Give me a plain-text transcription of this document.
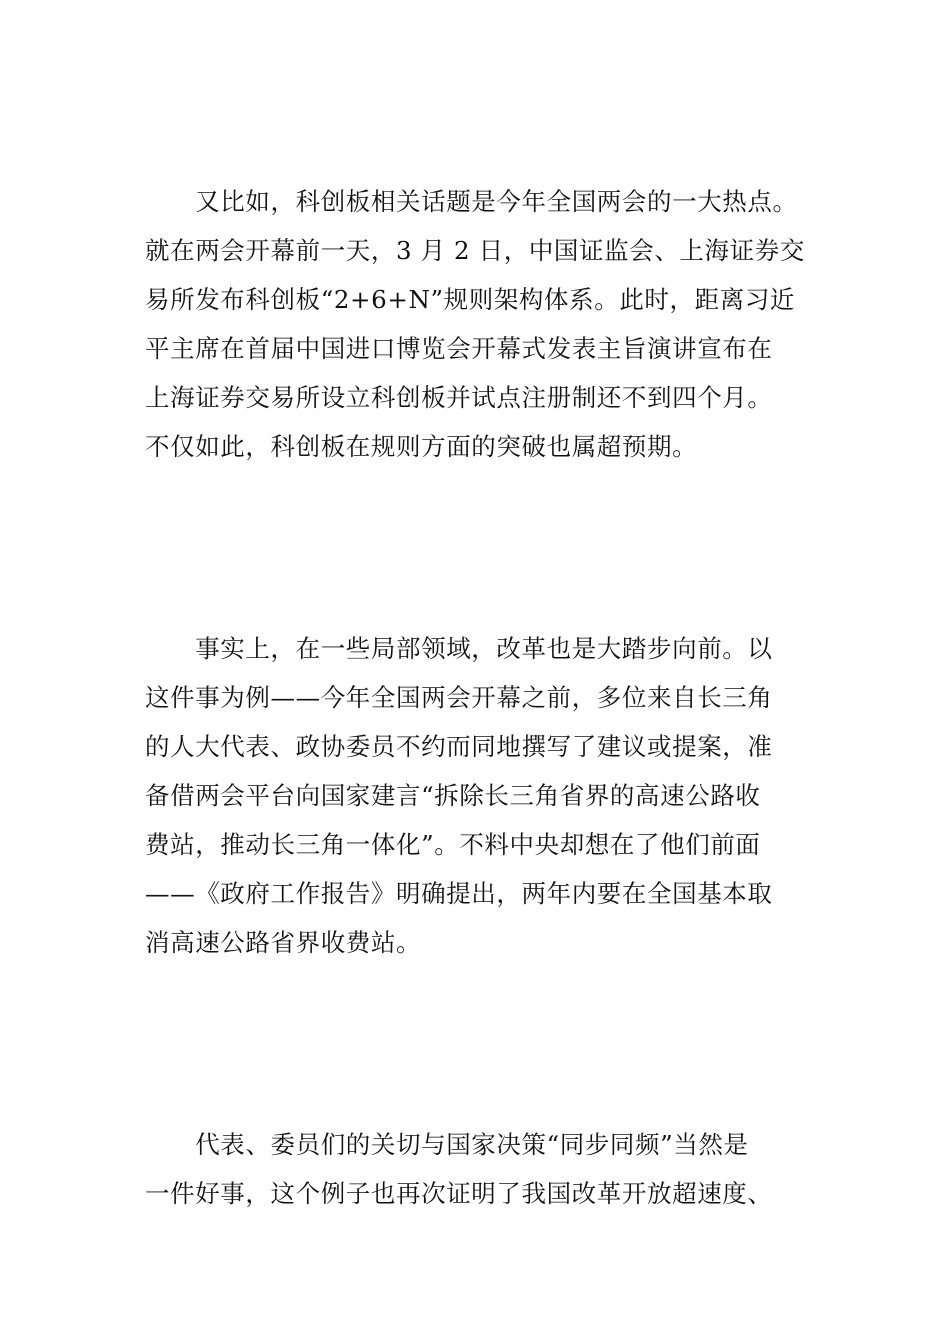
　　又比如，科创板相关话题是今年全国两会的一大热点。
就在两会开幕前一天，3 月 2 日，中国证监会、上海证券交
易所发布科创板“2+6+N”规则架构体系。此时，距离习近
平主席在首届中国进口博览会开幕式发表主旨演讲宣布在
上海证券交易所设立科创板并试点注册制还不到四个月。
不仅如此，科创板在规则方面的突破也属超预期。
　　事实上，在一些局部领域，改革也是大踏步向前。以
这件事为例——今年全国两会开幕之前，多位来自长三角
的人大代表、政协委员不约而同地撰写了建议或提案，准
备借两会平台向国家建言“拆除长三角省界的高速公路收
费站，推动长三角一体化”。不料中央却想在了他们前面
——《政府工作报告》明确提出，两年内要在全国基本取
消高速公路省界收费站。
　　代表、委员们的关切与国家决策“同步同频”当然是
一件好事，这个例子也再次证明了我国改革开放超速度、
